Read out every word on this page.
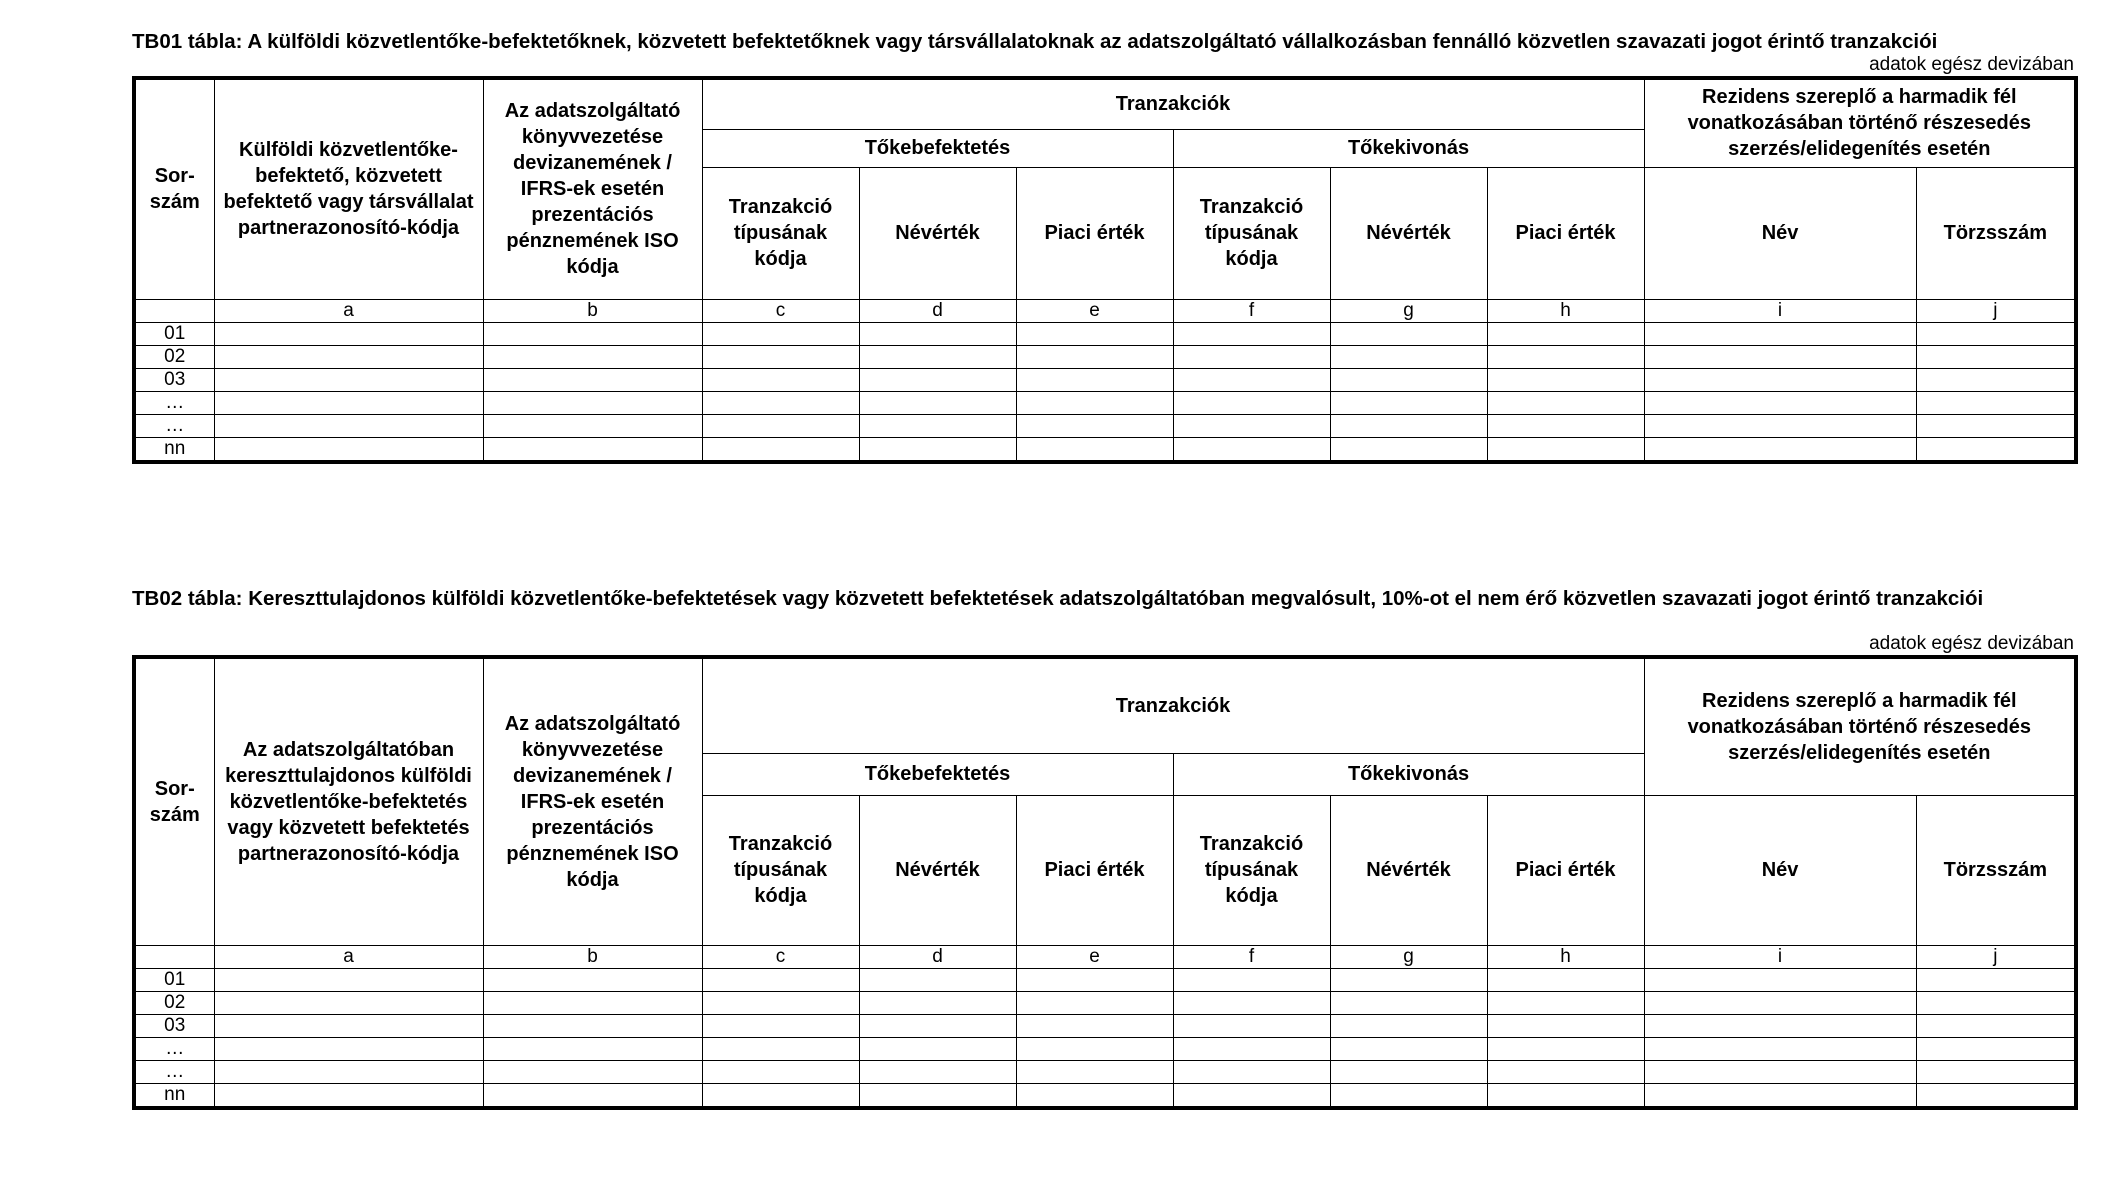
TB01 tábla: A külföldi közvetlentőke-befektetőknek, közvetett befektetőknek vagy társvállalatoknak az adatszolgáltató vállalkozásban fennálló közvetlen szavazati jogot érintő tranzakciói
adatok egész devizában
Sor-szám	Külföldi közvetlentőke-befektető, közvetett befektető vagy társvállalat partnerazonosító-kódja	Az adatszolgáltató könyvvezetése devizanemének / IFRS-ek esetén prezentációs pénznemének ISO kódja	Tranzakciók						Rezidens szereplő a harmadik fél vonatkozásában történő részesedés szerzés/elidegenítés esetén	
			Tőkebefektetés			Tőkekivonás				
			Tranzakció típusának kódja	Névérték	Piaci érték	Tranzakció típusának kódja	Névérték	Piaci érték	Név	Törzsszám
	a	b	c	d	e	f	g	h	i	j
01										
02										
03										
…										
…										
nn										
TB02 tábla: Kereszttulajdonos külföldi közvetlentőke-befektetések vagy közvetett befektetések adatszolgáltatóban megvalósult, 10%-ot el nem érő közvetlen szavazati jogot érintő tranzakciói
adatok egész devizában
Sor-szám	Az adatszolgáltatóban kereszttulajdonos külföldi közvetlentőke-befektetés vagy közvetett befektetés partnerazonosító-kódja	Az adatszolgáltató könyvvezetése devizanemének / IFRS-ek esetén prezentációs pénznemének ISO kódja	Tranzakciók						Rezidens szereplő a harmadik fél vonatkozásában történő részesedés szerzés/elidegenítés esetén	
			Tőkebefektetés			Tőkekivonás				
			Tranzakció típusának kódja	Névérték	Piaci érték	Tranzakció típusának kódja	Névérték	Piaci érték	Név	Törzsszám
	a	b	c	d	e	f	g	h	i	j
01										
02										
03										
…										
…										
nn										
